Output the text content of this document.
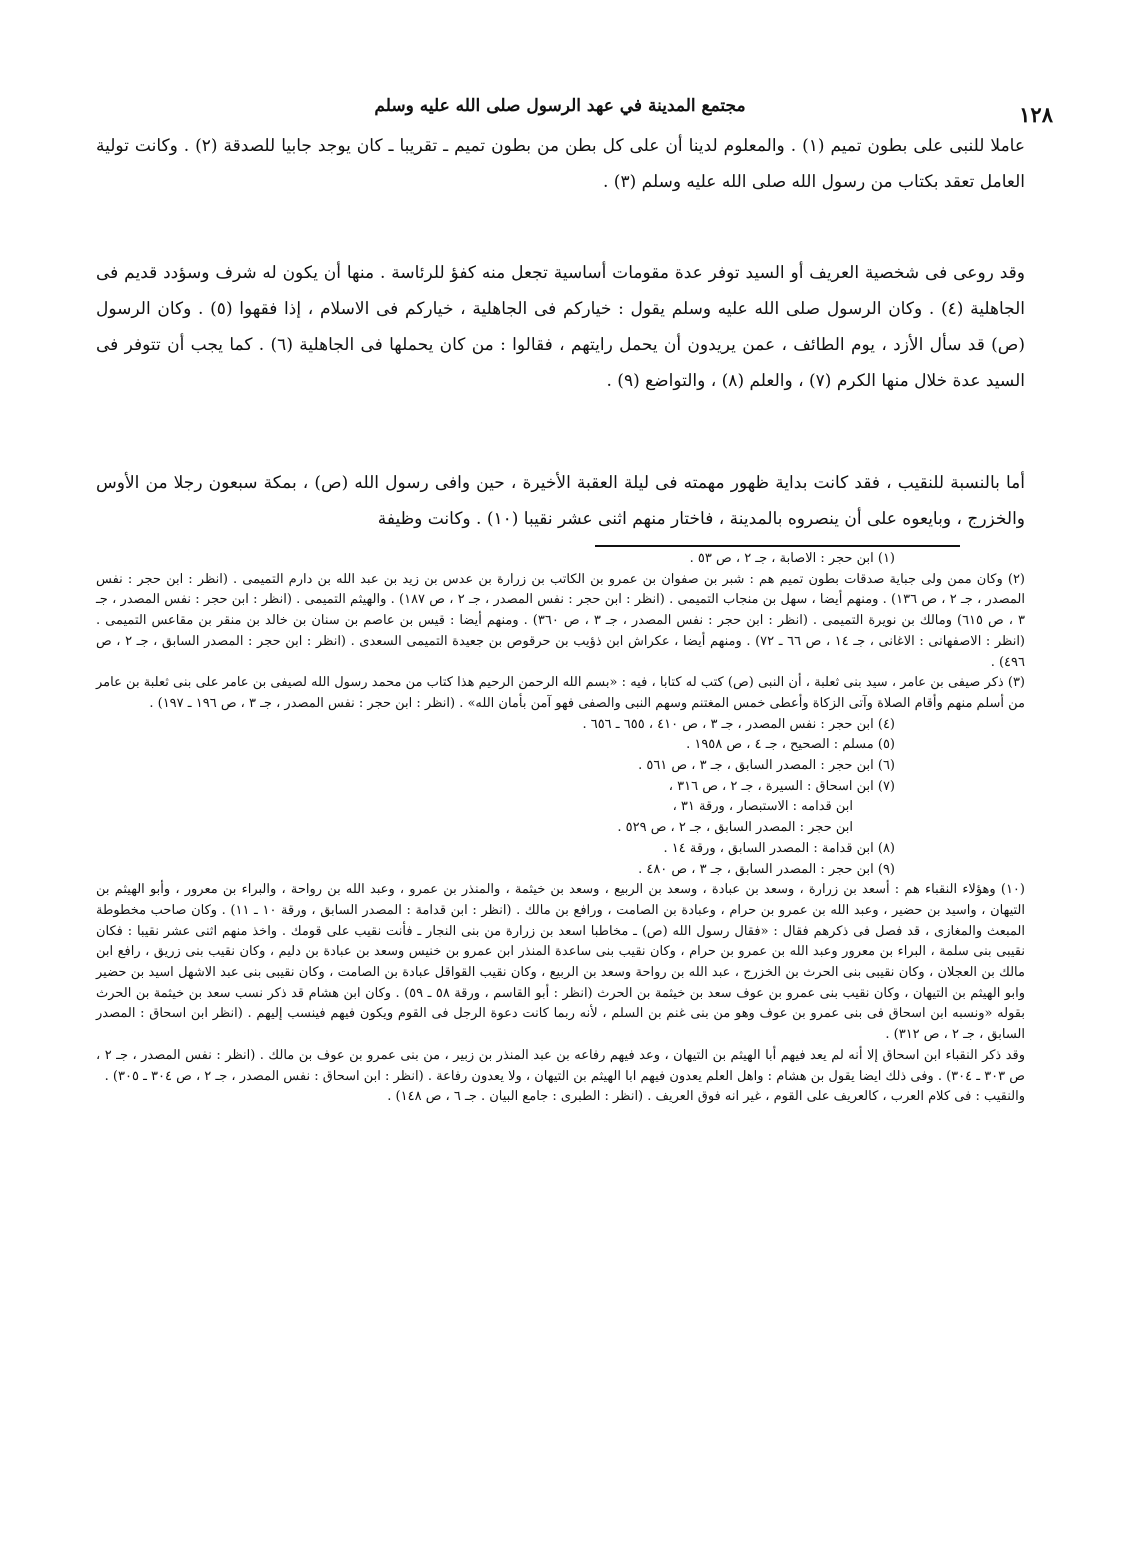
مجتمع المدينة في عهد الرسول صلى الله عليه وسلم	١٢٨

عاملا للنبى على بطون تميم (١) . والمعلوم لدينا أن على كل بطن من بطون تميم ـ تقريبا ـ كان يوجد جابيا للصدقة (٢) . وكانت تولية العامل تعقد بكتاب من رسول الله صلى الله عليه وسلم (٣) .

وقد روعى فى شخصية العريف أو السيد توفر عدة مقومات أساسية تجعل منه كفؤ للرئاسة . منها أن يكون له شرف وسؤدد قديم فى الجاهلية (٤) . وكان الرسول صلى الله عليه وسلم يقول : خياركم فى الجاهلية ، خياركم فى الاسلام ، إذا فقهوا (٥) . وكان الرسول (ص) قد سأل الأزد ، يوم الطائف ، عمن يريدون أن يحمل رايتهم ، فقالوا : من كان يحملها فى الجاهلية (٦) . كما يجب أن تتوفر فى السيد عدة خلال منها الكرم (٧) ، والعلم (٨) ، والتواضع (٩) .

أما بالنسبة للنقيب ، فقد كانت بداية ظهور مهمته فى ليلة العقبة الأخيرة ، حين وافى رسول الله (ص) ، بمكة سبعون رجلا من الأوس والخزرج ، وبايعوه على أن ينصروه بالمدينة ، فاختار منهم اثنى عشر نقيبا (١٠) . وكانت وظيفة

(١) ابن حجر : الاصابة ، جـ ٢ ، ص ٥٣ .

(٢) وكان ممن ولى جباية صدقات بطون تميم هم : شبر بن صفوان بن عمرو بن الكاتب بن زرارة بن عدس بن زيد بن عبد الله بن دارم التميمى . (انظر : ابن حجر : نفس المصدر ، جـ ٢ ، ص ١٣٦) . ومنهم أيضا ، سهل بن منجاب التميمى . (انظر : ابن حجر : نفس المصدر ، جـ ٢ ، ص ١٨٧) . والهيثم التميمى . (انظر : ابن حجر : نفس المصدر ، جـ ٣ ، ص ٦١٥) ومالك بن نويرة التميمى . (انظر : ابن حجر : نفس المصدر ، جـ ٣ ، ص ٣٦٠) . ومنهم أيضا : قيس بن عاصم بن سنان بن خالد بن منقر بن مقاعس التميمى . (انظر : الاصفهانى : الاغانى ، جـ ١٤ ، ص ٦٦ ـ ٧٢) . ومنهم أيضا ، عكراش ابن ذؤيب بن حرقوص بن جعيدة التميمى السعدى . (انظر : ابن حجر : المصدر السابق ، جـ ٢ ، ص ٤٩٦) .

(٣) ذكر صيفى بن عامر ، سيد بنى ثعلبة ، أن النبى (ص) كتب له كتابا ، فيه : «بسم الله الرحمن الرحيم هذا كتاب من محمد رسول الله لصيفى بن عامر على بنى ثعلبة بن عامر من أسلم منهم وأقام الصلاة وآتى الزكاة وأعطى خمس المغتنم وسهم النبى والصفى فهو آمن بأمان الله» . (انظر : ابن حجر : نفس المصدر ، جـ ٣ ، ص ١٩٦ ـ ١٩٧) .

(٤) ابن حجر : نفس المصدر ، جـ ٣ ، ص ٤١٠ ، ٦٥٥ ـ ٦٥٦ .

(٥) مسلم : الصحيح ، جـ ٤ ، ص ١٩٥٨ .

(٦) ابن حجر : المصدر السابق ، جـ ٣ ، ص ٥٦١ .

(٧) ابن اسحاق : السيرة ، جـ ٢ ، ص ٣١٦ ،

ابن قدامه : الاستبصار ، ورقة ٣١ ،

ابن حجر : المصدر السابق ، جـ ٢ ، ص ٥٢٩ .

(٨) ابن قدامة : المصدر السابق ، ورقة ١٤ .

(٩) ابن حجر : المصدر السابق ، جـ ٣ ، ص ٤٨٠ .

(١٠) وهؤلاء النقباء هم : أسعد بن زرارة ، وسعد بن عبادة ، وسعد بن الربيع ، وسعد بن خيثمة ، والمنذر بن عمرو ، وعبد الله بن رواحة ، والبراء بن معرور ، وأبو الهيثم بن التيهان ، واسيد بن حضير ، وعبد الله بن عمرو بن حرام ، وعبادة بن الصامت ، ورافع بن مالك . (انظر : ابن قدامة : المصدر السابق ، ورقة ١٠ ـ ١١) . وكان صاحب مخطوطة المبعث والمغازى ، قد فصل فى ذكرهم فقال : «فقال رسول الله (ص) ـ مخاطبا اسعد بن زرارة من بنى النجار ـ فأنت نقيب على قومك . واخذ منهم اثنى عشر نقيبا : فكان نقيبى بنى سلمة ، البراء بن معرور وعبد الله بن عمرو بن حرام ، وكان نقيب بنى ساعدة المنذر ابن عمرو بن خنيس وسعد بن عبادة بن دليم ، وكان نقيب بنى زريق ، رافع ابن مالك بن العجلان ، وكان نقيبى بنى الحرث بن الخزرج ، عبد الله بن رواحة وسعد بن الربيع ، وكان نقيب القواقل عبادة بن الصامت ، وكان نقيبى بنى عبد الاشهل اسيد بن حضير وابو الهيثم بن التيهان ، وكان نقيب بنى عمرو بن عوف سعد بن خيثمة بن الحرث (انظر : أبو القاسم ، ورقة ٥٨ ـ ٥٩) . وكان ابن هشام قد ذكر نسب سعد بن خيثمة بن الحرث بقوله «ونسبه ابن اسحاق فى بنى عمرو بن عوف وهو من بنى غنم بن السلم ، لأنه ربما كانت دعوة الرجل فى القوم ويكون فيهم فينسب إليهم . (انظر ابن اسحاق : المصدر السابق ، جـ ٢ ، ص ٣١٢) .

وقد ذكر النقباء ابن اسحاق إلا أنه لم يعد فيهم أبا الهيثم بن التيهان ، وعد فيهم رفاعه بن عبد المنذر بن زبير ، من بنى عمرو بن عوف بن مالك . (انظر : نفس المصدر ، جـ ٢ ، ص ٣٠٣ ـ ٣٠٤) . وفى ذلك ايضا يقول بن هشام : واهل العلم يعدون فيهم ابا الهيثم بن التيهان ، ولا يعدون رفاعة . (انظر : ابن اسحاق : نفس المصدر ، جـ ٢ ، ص ٣٠٤ ـ ٣٠٥) .

والنقيب : فى كلام العرب ، كالعريف على القوم ، غير انه فوق العريف . (انظر : الطبرى : جامع البيان . جـ ٦ ، ص ١٤٨) .
